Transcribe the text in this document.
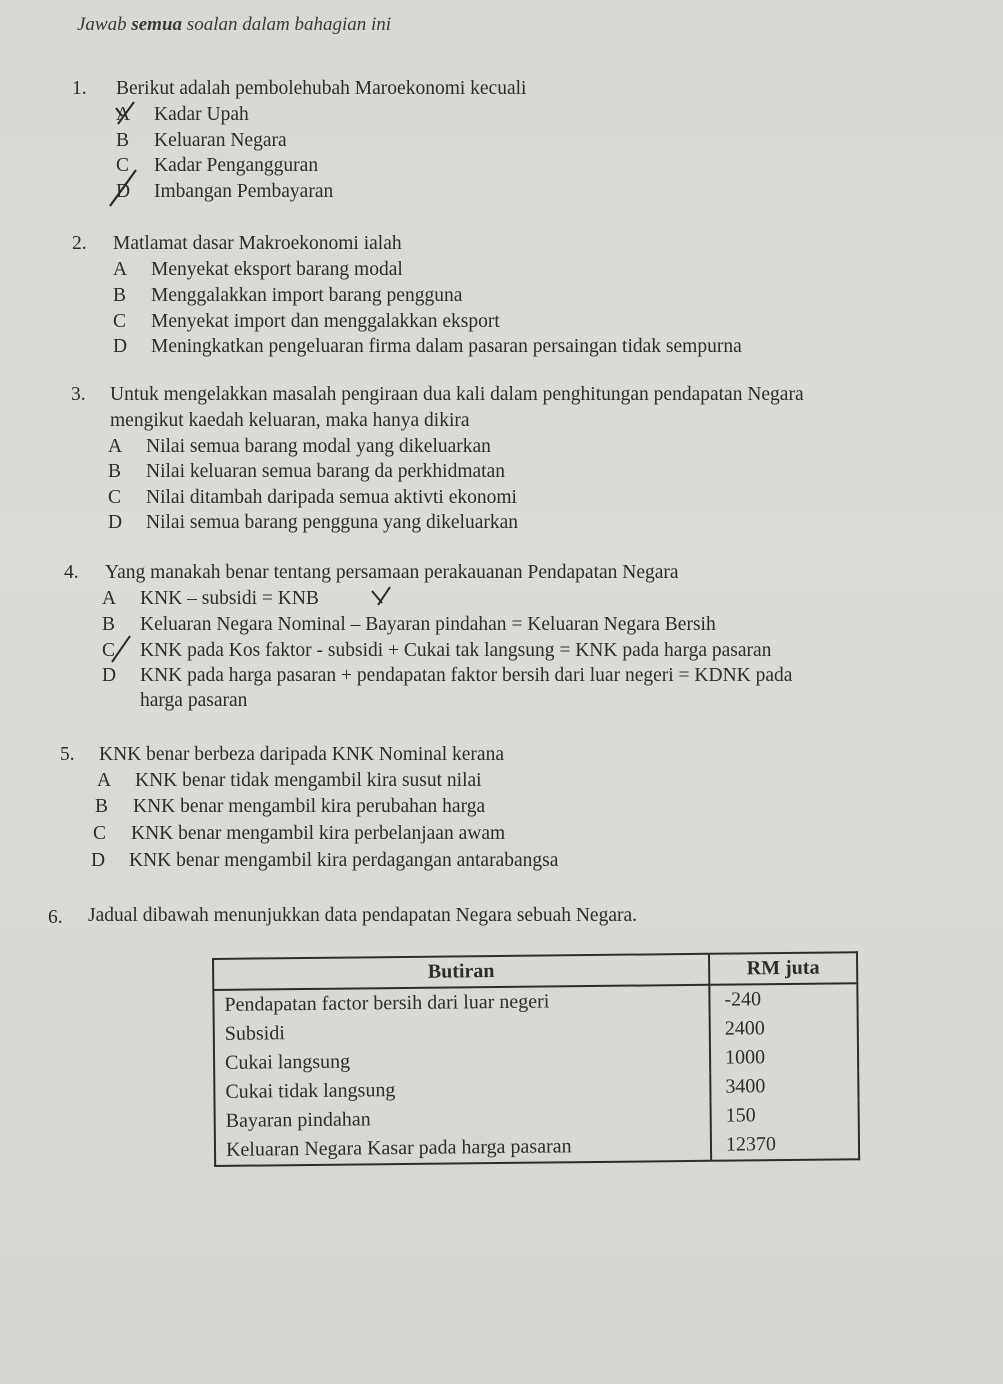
Jawab semua soalan dalam bahagian ini
1. Berikut adalah pembolehubah Maroekonomi kecuali
A Kadar Upah
B Keluaran Negara
C Kadar Pengangguran
D Imbangan Pembayaran
2. Matlamat dasar Makroekonomi ialah
A Menyekat eksport barang modal
B Menggalakkan import barang pengguna
C Menyekat import dan menggalakkan eksport
D Meningkatkan pengeluaran firma dalam pasaran persaingan tidak sempurna
3. Untuk mengelakkan masalah pengiraan dua kali dalam penghitungan pendapatan Negara
mengikut kaedah keluaran, maka hanya dikira
A Nilai semua barang modal yang dikeluarkan
B Nilai keluaran semua barang da perkhidmatan
C Nilai ditambah daripada semua aktivti ekonomi
D Nilai semua barang pengguna yang dikeluarkan
4. Yang manakah benar tentang persamaan perakauanan Pendapatan Negara
A KNK – subsidi = KNB
B Keluaran Negara Nominal – Bayaran pindahan = Keluaran Negara Bersih
C KNK pada Kos faktor - subsidi + Cukai tak langsung = KNK pada harga pasaran
D KNK pada harga pasaran + pendapatan faktor bersih dari luar negeri = KDNK pada
harga pasaran
5. KNK benar berbeza daripada KNK Nominal kerana
A KNK benar tidak mengambil kira susut nilai
B KNK benar mengambil kira perubahan harga
C KNK benar mengambil kira perbelanjaan awam
D KNK benar mengambil kira perdagangan antarabangsa
6. Jadual dibawah menunjukkan data pendapatan Negara sebuah Negara.
Butiran	RM juta
Pendapatan factor bersih dari luar negeri	-240
Subsidi	2400
Cukai langsung	1000
Cukai tidak langsung	3400
Bayaran pindahan	150
Keluaran Negara Kasar pada harga pasaran	12370
